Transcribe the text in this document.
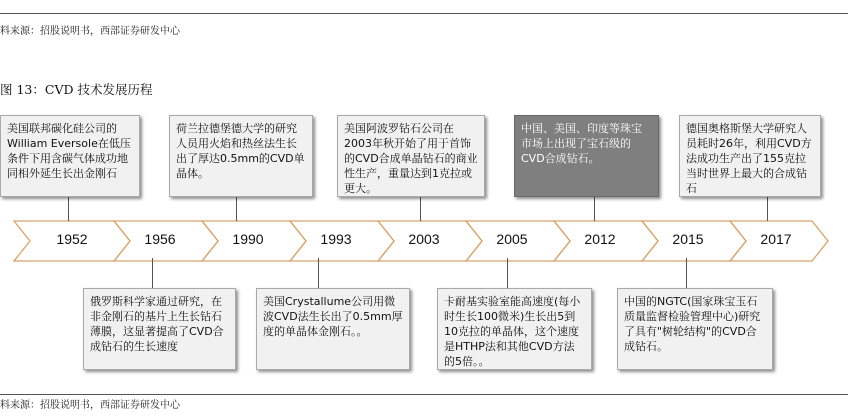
料来源：招股说明书，西部证券研发中心
图 13：CVD 技术发展历程
1952	1956	1990	1993	2003	2005	2012	2015	2017
美国联邦碳化硅公司的William Eversole在低压条件下用含碳气体成功地同相外延生长出金刚石
荷兰拉德堡德大学的研究人员用火焰和热丝法生长出了厚达0.5mm的CVD单晶体。
美国阿波罗钻石公司在2003年秋开始了用于首饰的CVD合成单晶钻石的商业性生产，重量达到1克拉或更大。
中国、美国、印度等珠宝市场上出现了宝石级的CVD合成钻石。
德国奥格斯堡大学研究人员耗时26年，利用CVD方法成功生产出了155克拉当时世界上最大的合成钻石
俄罗斯科学家通过研究，在非金刚石的基片上生长钻石薄膜，这显著提高了CVD合成钻石的生长速度
美国Crystallume公司用微波CVD法生长出了0.5mm厚度的单晶体金刚石。。
卡耐基实验室能高速度(每小时生长100微米)生长出5到10克拉的单晶体，这个速度是HTHP法和其他CVD方法的5倍。。
中国的NGTC(国家珠宝玉石质量监督检验管理中心)研究了具有"树轮结构"的CVD合成钻石。
料来源：招股说明书，西部证券研发中心
